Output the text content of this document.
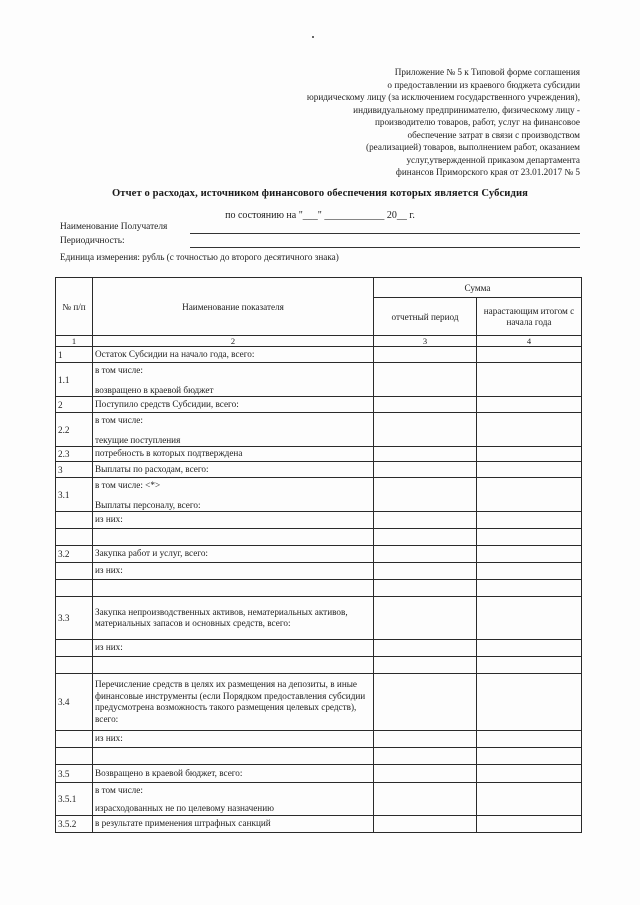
Приложение № 5 к Типовой форме соглашения
о предоставлении из краевого бюджета субсидии
юридическому лицу (за исключением государственного учреждения),
индивидуальному предпринимателю, физическому лицу -
производителю товаров, работ, услуг на финансовое
обеспечение затрат в связи с производством
(реализацией) товаров, выполнением работ, оказанием
услуг,утвержденной приказом департамента
финансов Приморского края от 23.01.2017 № 5
Отчет о расходах, источником финансового обеспечения которых является Субсидия
по состоянию на "___" ____________ 20__ г.
Наименование Получателя
Периодичность:
Единица измерения: рубль (с точностью до второго десятичного знака)
№ п/п	Наименование показателя	Сумма	
		отчетный период	нарастающим итогом с начала года
1	2	3	4
1	Остаток Субсидии на начало года, всего:		
1.1	в том числе:
возвращено в краевой бюджет		

2	Поступило средств Субсидии, всего:		
2.2	в том числе:
текущие поступления		

2.3	потребность в которых подтверждена		
3	Выплаты по расходам, всего:		
3.1	в том числе: <*>
Выплаты персоналу, всего:		

	из них:		

3.2	Закупка работ и услуг, всего:		
	из них:		

3.3	Закупка непроизводственных активов, нематериальных активов, материальных запасов и основных средств, всего:		
	из них:		

3.4	Перечисление средств в целях их размещения на депозиты, в иные финансовые инструменты (если Порядком предоставления субсидии предусмотрена возможность такого размещения целевых средств), всего:		
	из них:		

3.5	Возвращено в краевой бюджет, всего:		
3.5.1	в том числе:
израсходованных не по целевому назначению		

3.5.2	в результате применения штрафных санкций		
